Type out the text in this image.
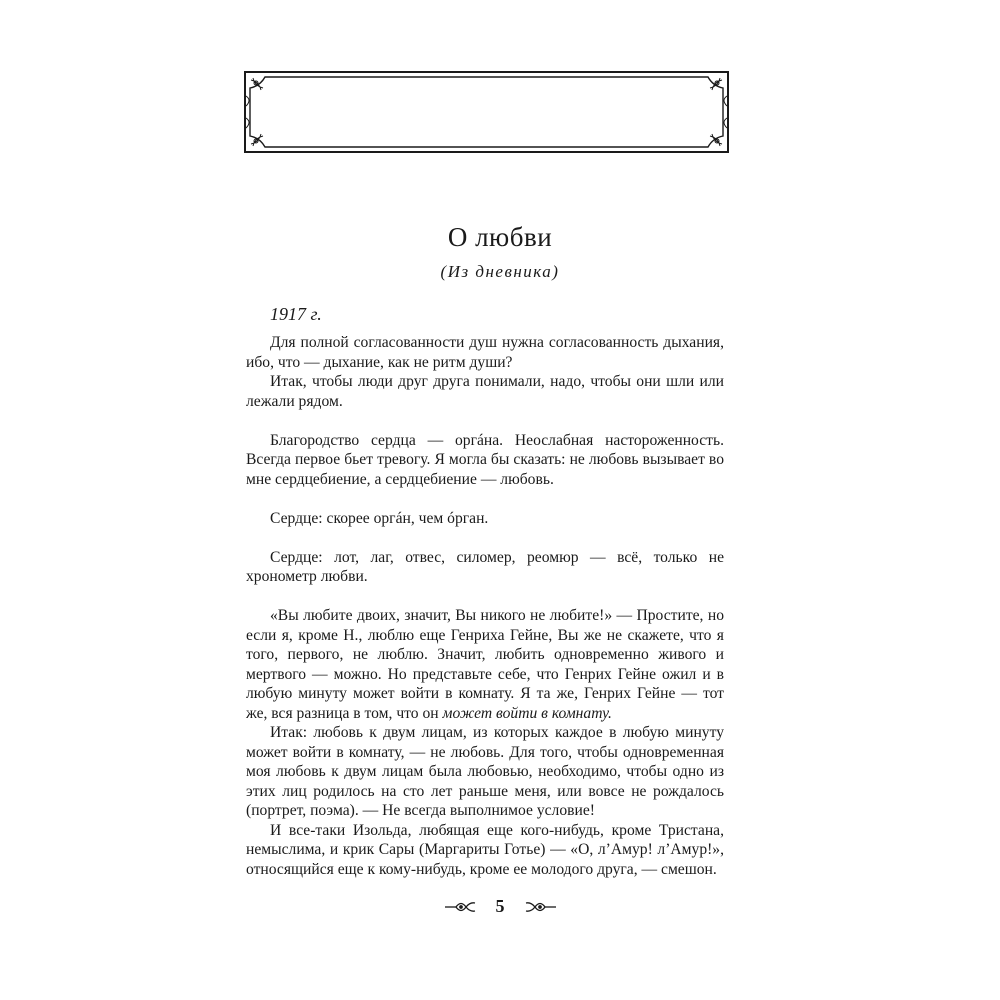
О любви
(Из дневника)
1917 г.

Для полной согласованности душ нужна согласованность дыхания, ибо, что — дыхание, как не ритм души?

Итак, чтобы люди друг друга понимали, надо, чтобы они шли или лежали рядом.

Благородство сердца — оргáна. Неослабная настороженность. Всегда первое бьет тревогу. Я могла бы сказать: не любовь вызывает во мне сердцебиение, а сердцебиение — любовь.

Сердце: скорее оргáн, чем óрган.

Сердце: лот, лаг, отвес, силомер, реомюр — всё, только не хронометр любви.

«Вы любите двоих, значит, Вы никого не любите!» — Простите, но если я, кроме Н., люблю еще Генриха Гейне, Вы же не скажете, что я того, первого, не люблю. Значит, любить одновременно живого и мертвого — можно. Но представьте себе, что Генрих Гейне ожил и в любую минуту может войти в комнату. Я та же, Генрих Гейне — тот же, вся разница в том, что он может войти в комнату.

Итак: любовь к двум лицам, из которых каждое в любую минуту может войти в комнату, — не любовь. Для того, чтобы одновременная моя любовь к двум лицам была любовью, необходимо, чтобы одно из этих лиц родилось на сто лет раньше меня, или вовсе не рождалось (портрет, поэма). — Не всегда выполнимое условие!

И все-таки Изольда, любящая еще кого-нибудь, кроме Тристана, немыслима, и крик Сары (Маргариты Готье) — «О, л’Амур! л’Амур!», относящийся еще к кому-нибудь, кроме ее молодого друга, — смешон.

5
